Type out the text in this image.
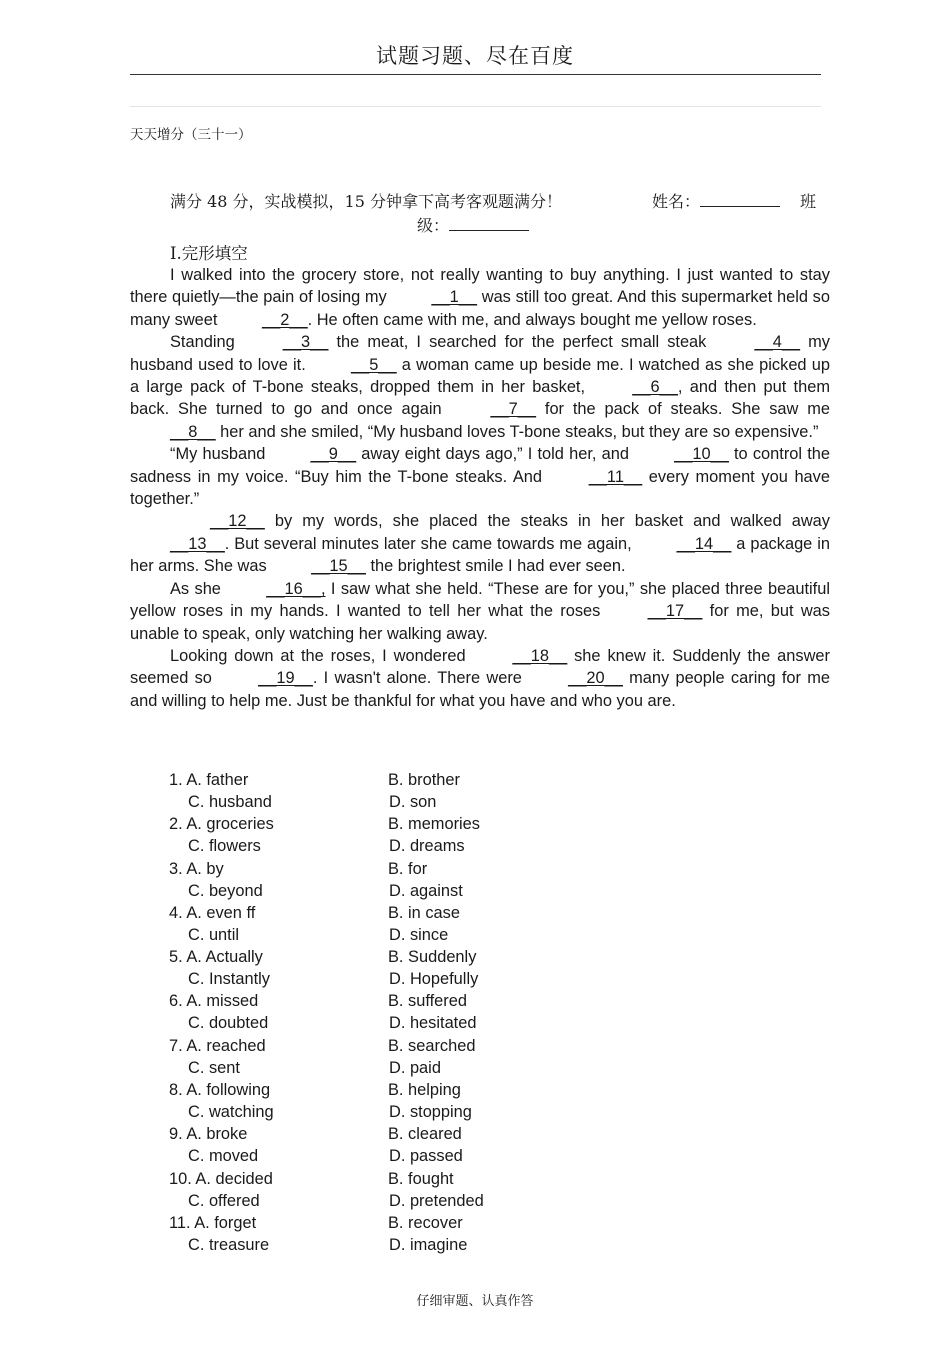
试题习题、尽在百度
天天增分（三十一）
满分 48 分，实战模拟，15 分钟拿下高考客观题满分！	姓名：	班
级：
Ⅰ.完形填空

I walked into the grocery store, not really wanting to buy anything. I just wanted to stay there quietly—the pain of losing my __1__ was still too great. And this supermarket held so many sweet __2__. He often came with me, and always bought me yellow roses.

Standing __3__ the meat, I searched for the perfect small steak __4__ my husband used to love it. __5__ a woman came up beside me. I watched as she picked up a large pack of T-bone steaks, dropped them in her basket, __6__, and then put them back. She turned to go and once again __7__ for the pack of steaks. She saw me __8__ her and she smiled, “My husband loves T-bone steaks, but they are so expensive.”

“My husband __9__ away eight days ago,” I told her, and __10__ to control the sadness in my voice. “Buy him the T-bone steaks. And __11__ every moment you have together.”

__12__ by my words, she placed the steaks in her basket and walked away __13__. But several minutes later she came towards me again, __14__ a package in her arms. She was __15__ the brightest smile I had ever seen.

As she __16__, I saw what she held. “These are for you,” she placed three beautiful yellow roses in my hands. I wanted to tell her what the roses __17__ for me, but was unable to speak, only watching her walking away.

Looking down at the roses, I wondered __18__ she knew it. Suddenly the answer seemed so __19__. I wasn't alone. There were __20__ many people caring for me and willing to help me. Just be thankful for what you have and who you are.

1. A. father	B. brother
C. husband	D. son
2. A. groceries	B. memories
C. flowers	D. dreams
3. A. by	B. for
C. beyond	D. against
4. A. even ff	B. in case
C. until	D. since
5. A. Actually	B. Suddenly
C. Instantly	D. Hopefully
6. A. missed	B. suffered
C. doubted	D. hesitated
7. A. reached	B. searched
C. sent	D. paid
8. A. following	B. helping
C. watching	D. stopping
9. A. broke	B. cleared
C. moved	D. passed
10. A. decided	B. fought
C. offered	D. pretended
11. A. forget	B. recover
C. treasure	D. imagine
仔细审题、认真作答
